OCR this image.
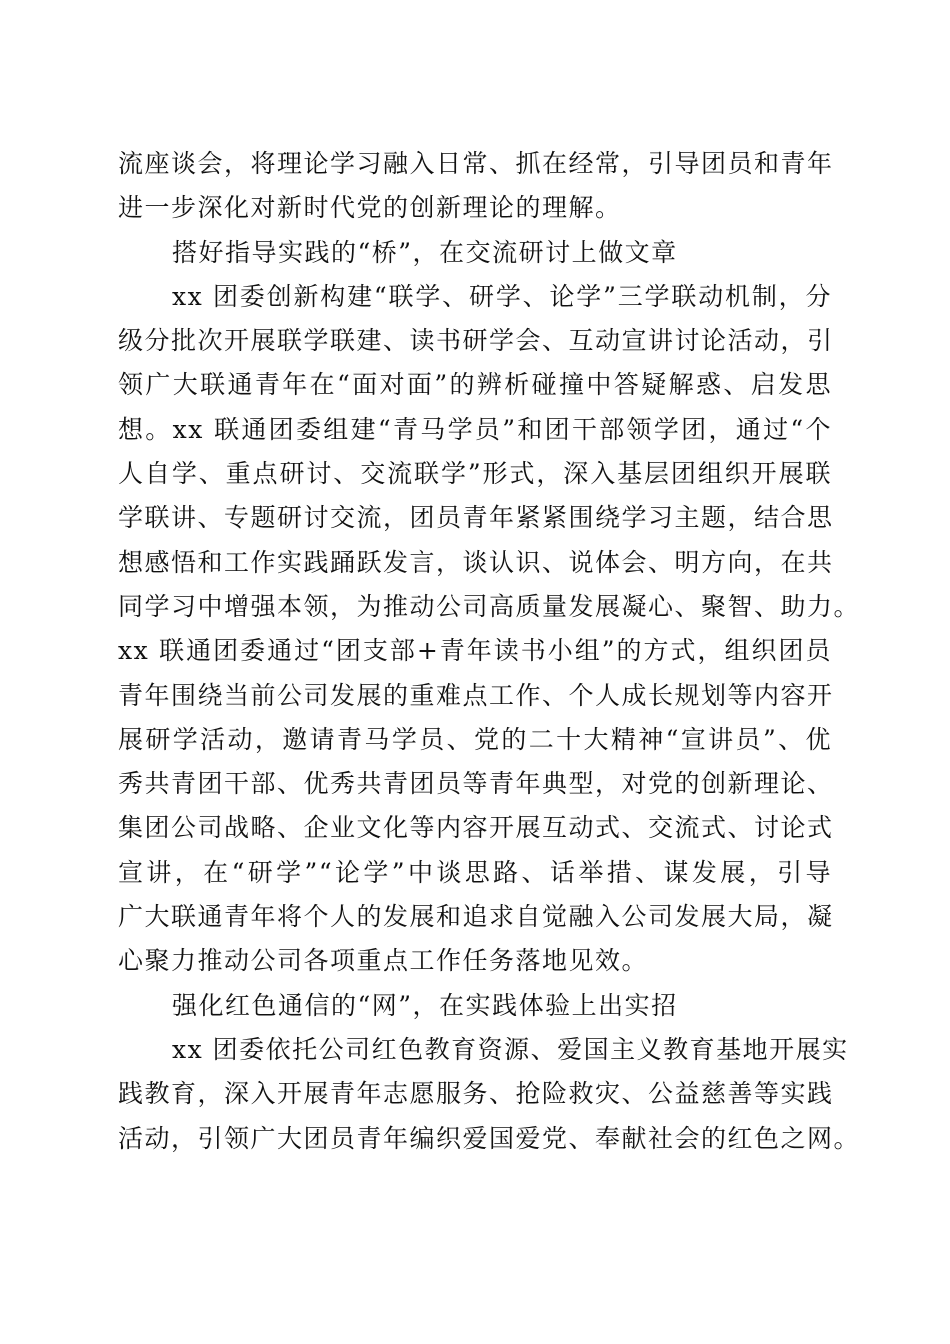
流座谈会，将理论学习融入日常、抓在经常，引导团员和青年
进一步深化对新时代党的创新理论的理解。
搭好指导实践的“桥”，在交流研讨上做文章
xx 团委创新构建“联学、研学、论学”三学联动机制，分
级分批次开展联学联建、读书研学会、互动宣讲讨论活动，引
领广大联通青年在“面对面”的辨析碰撞中答疑解惑、启发思
想。xx 联通团委组建“青马学员”和团干部领学团，通过“个
人自学、重点研讨、交流联学”形式，深入基层团组织开展联
学联讲、专题研讨交流，团员青年紧紧围绕学习主题，结合思
想感悟和工作实践踊跃发言，谈认识、说体会、明方向，在共
同学习中增强本领，为推动公司高质量发展凝心、聚智、助力。
xx 联通团委通过“团支部+青年读书小组”的方式，组织团员
青年围绕当前公司发展的重难点工作、个人成长规划等内容开
展研学活动，邀请青马学员、党的二十大精神“宣讲员”、优
秀共青团干部、优秀共青团员等青年典型，对党的创新理论、
集团公司战略、企业文化等内容开展互动式、交流式、讨论式
宣讲，在“研学”“论学”中谈思路、话举措、谋发展，引导
广大联通青年将个人的发展和追求自觉融入公司发展大局，凝
心聚力推动公司各项重点工作任务落地见效。
强化红色通信的“网”，在实践体验上出实招
xx 团委依托公司红色教育资源、爱国主义教育基地开展实
践教育，深入开展青年志愿服务、抢险救灾、公益慈善等实践
活动，引领广大团员青年编织爱国爱党、奉献社会的红色之网。
